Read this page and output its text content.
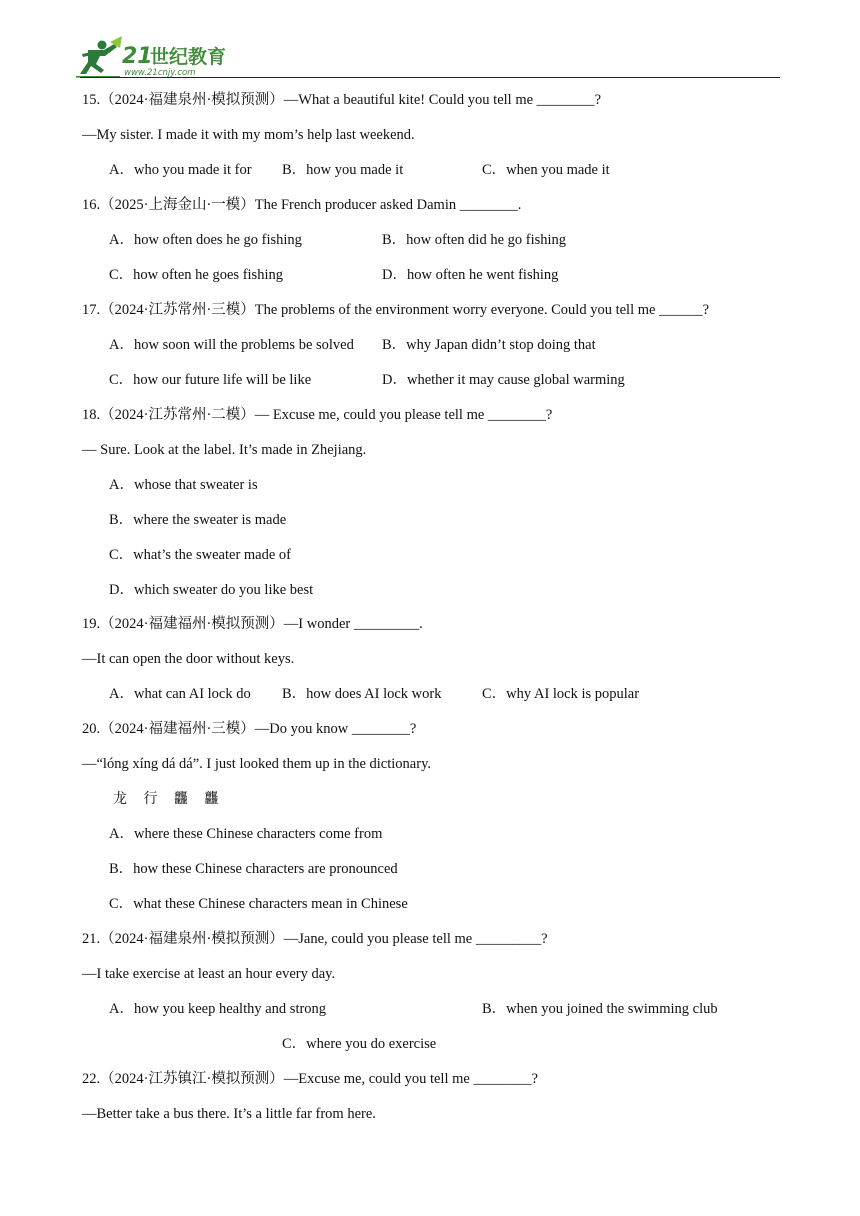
21
世纪教育
www.21cnjy.com
15.（2024·福建泉州·模拟预测）—What a beautiful kite! Could you tell me ________?
—My sister. I made it with my mom’s help last weekend.
A．who you made it for B．how you made it	C．when you made it
16.（2025·上海金山·一模）The French producer asked Damin ________.
A．how often does he go fishing	B．how often did he go fishing
C．how often he goes fishing	D．how often he went fishing
17.（2024·江苏常州·三模）The problems of the environment worry everyone. Could you tell me ______?
A．how soon will the problems be solved B．why Japan didn’t stop doing that
C．how our future life will be like	D．whether it may cause global warming
18.（2024·江苏常州·二模）— Excuse me, could you please tell me ________?
— Sure. Look at the label. It’s made in Zhejiang.
A．whose that sweater is
B．where the sweater is made
C．what’s the sweater made of
D．which sweater do you like best
19.（2024·福建福州·模拟预测）—I wonder _________.
—It can open the door without keys.
A．what can AI lock do B．how does AI lock work	C．why AI lock is popular
20.（2024·福建福州·三模）—Do you know ________?
—“lóng xíng dá dá”. I just looked them up in the dictionary.
龙 行 龘 龘
A．where these Chinese characters come from
B．how these Chinese characters are pronounced
C．what these Chinese characters mean in Chinese
21.（2024·福建泉州·模拟预测）—Jane, could you please tell me _________?
—I take exercise at least an hour every day.
A．how you keep healthy and strong	B．when you joined the swimming club
C．where you do exercise
22.（2024·江苏镇江·模拟预测）—Excuse me, could you tell me ________?
—Better take a bus there. It’s a little far from here.
